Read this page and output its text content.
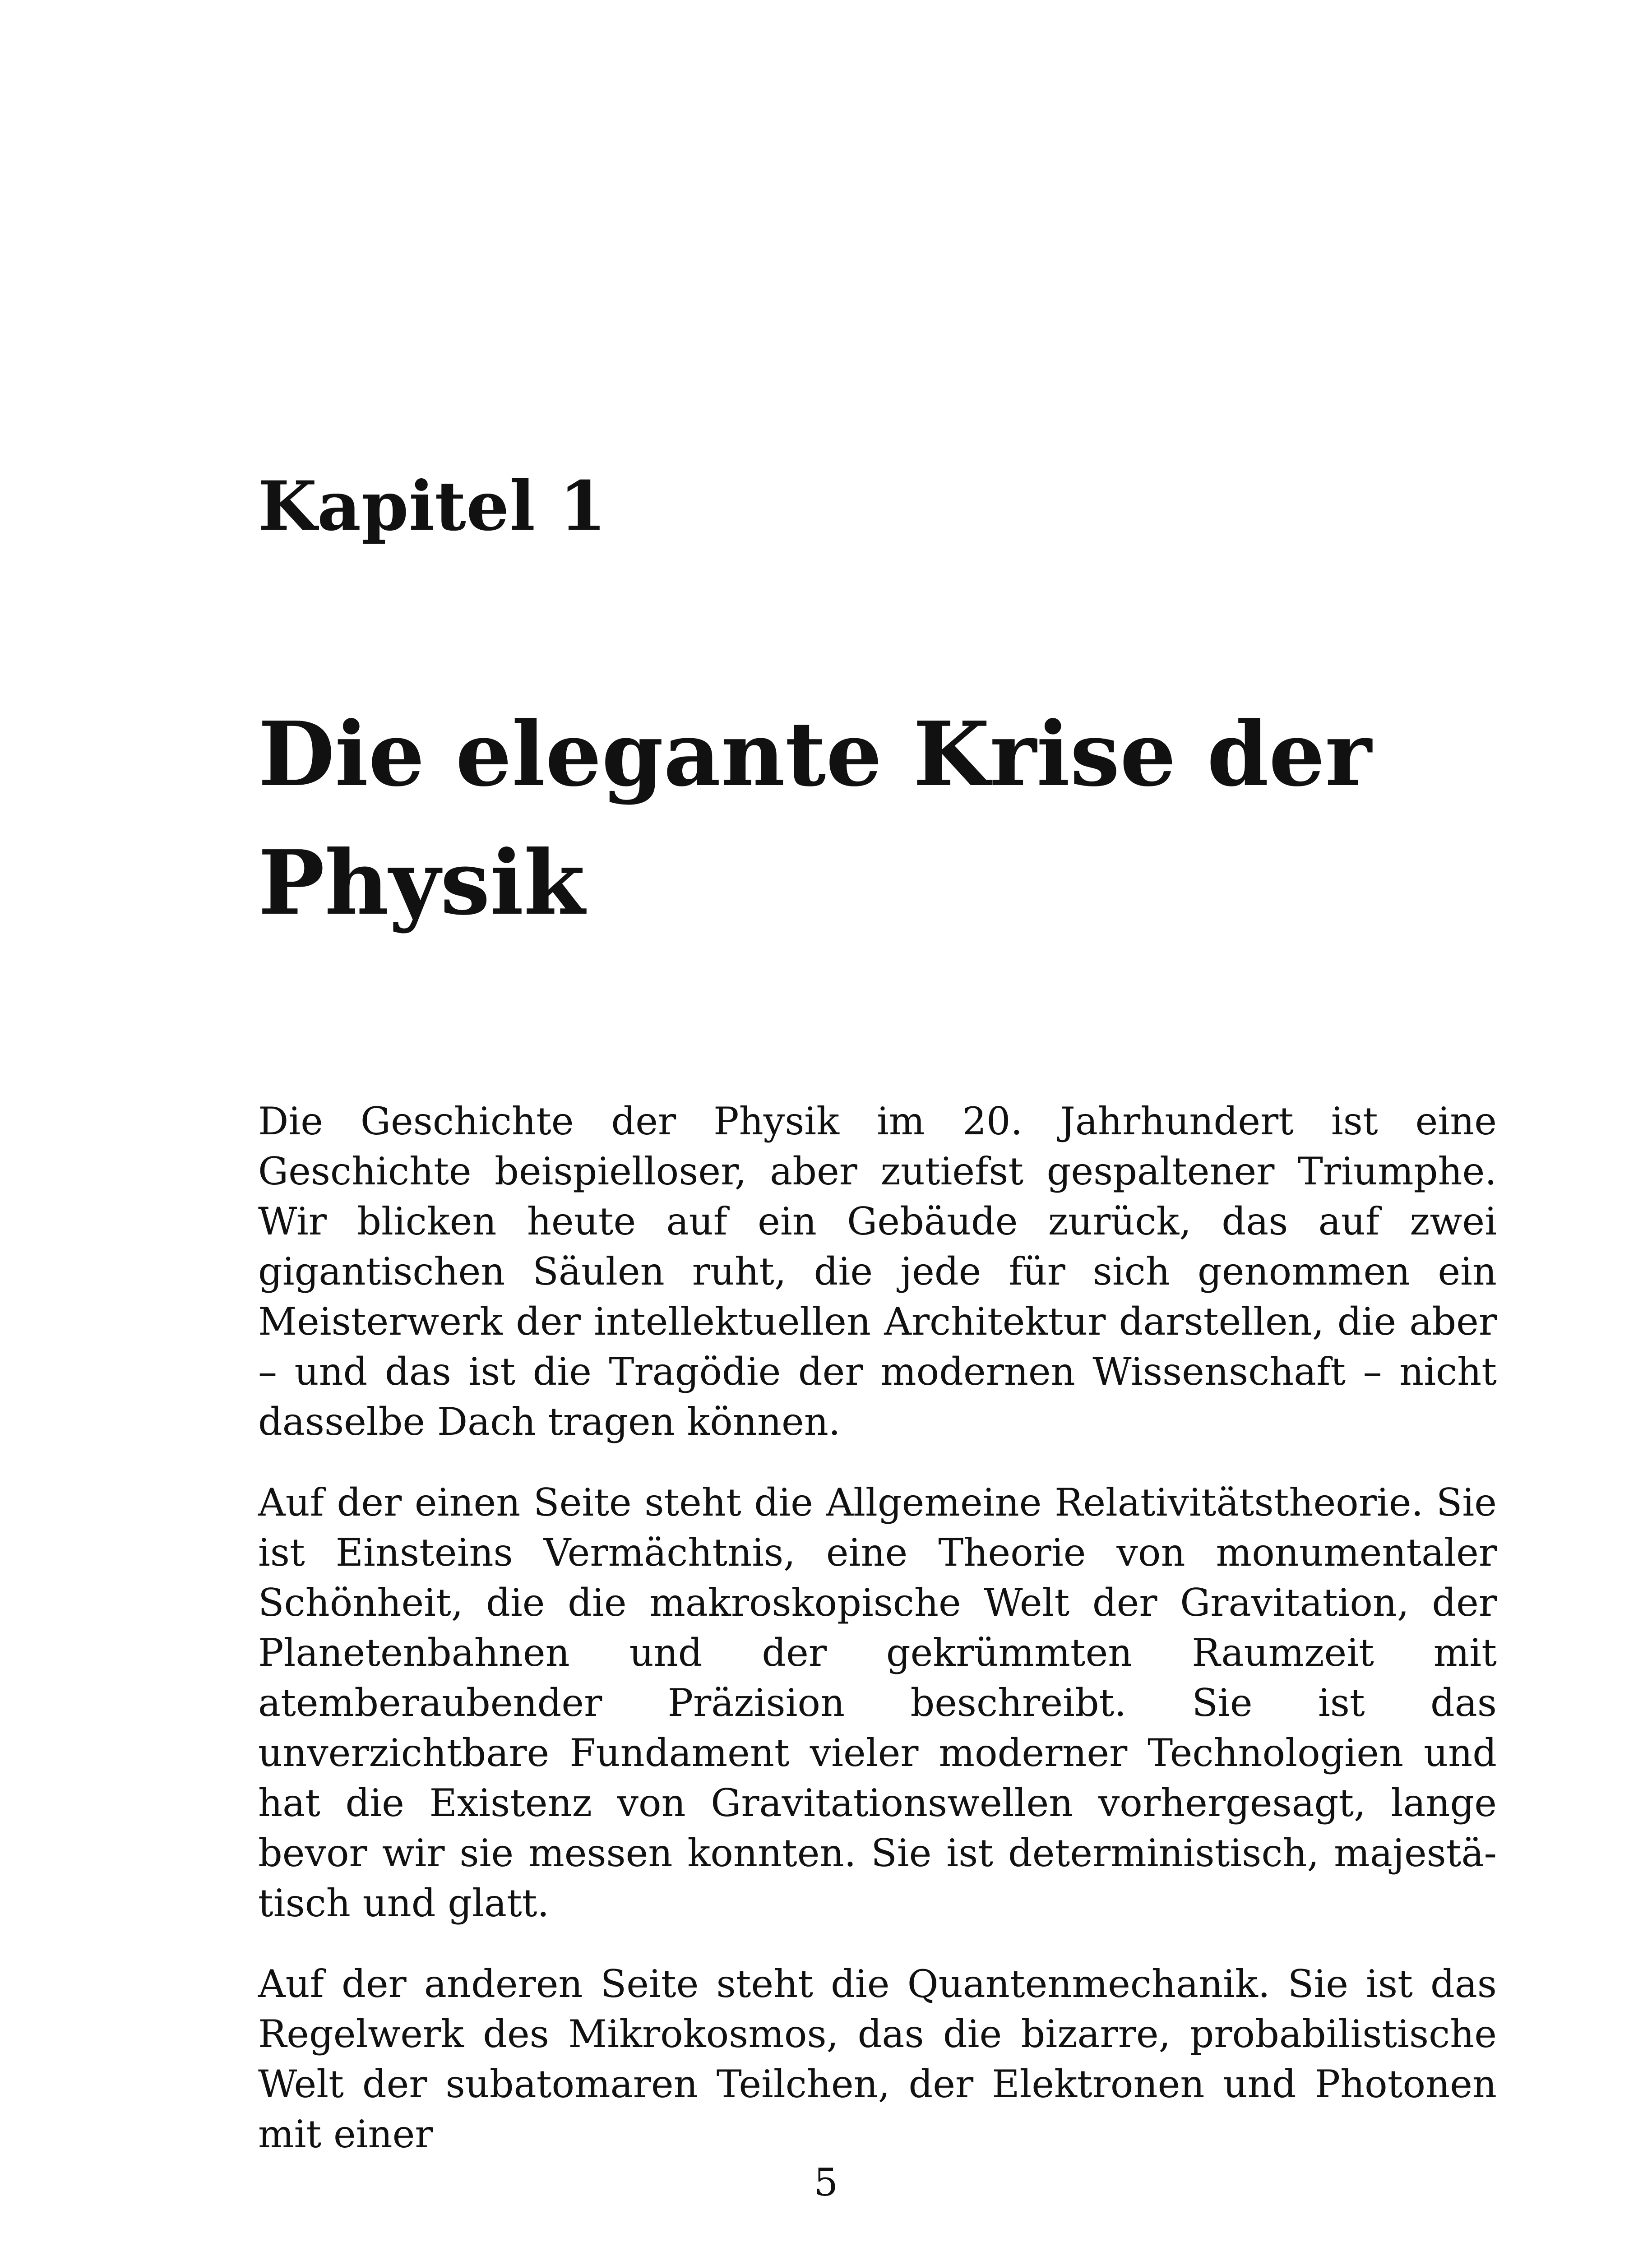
Kapitel 1
Die elegante Krise der Physik

Die Geschichte der Physik im 20. Jahrhundert ist eine Geschichte beispielloser, aber zutiefst gespaltener Triumphe. Wir blicken heute auf ein Gebäude zurück, das auf zwei gigantischen Säulen ruht, die jede für sich genommen ein Meisterwerk der intellektuellen Architektur darstellen, die aber – und das ist die Tragödie der modernen Wissenschaft – nicht dasselbe Dach tragen können.

Auf der einen Seite steht die Allgemeine Relativitätstheorie. Sie ist Einsteins Vermächtnis, eine Theorie von monumentaler Schönheit, die die makroskopische Welt der Gravitation, der Planetenbahnen und der gekrümmten Raumzeit mit atemberaubender Präzision beschreibt. Sie ist das unverzichtbare Fundament vieler moderner Technologien und hat die Existenz von Gravitationswellen vorhergesagt, lange bevor wir sie messen konnten. Sie ist deterministisch, majestätisch und glatt.

Auf der anderen Seite steht die Quantenmechanik. Sie ist das Regelwerk des Mikrokosmos, das die bizarre, probabilistische Welt der subatomaren Teilchen, der Elektronen und Photonen mit einer

5
